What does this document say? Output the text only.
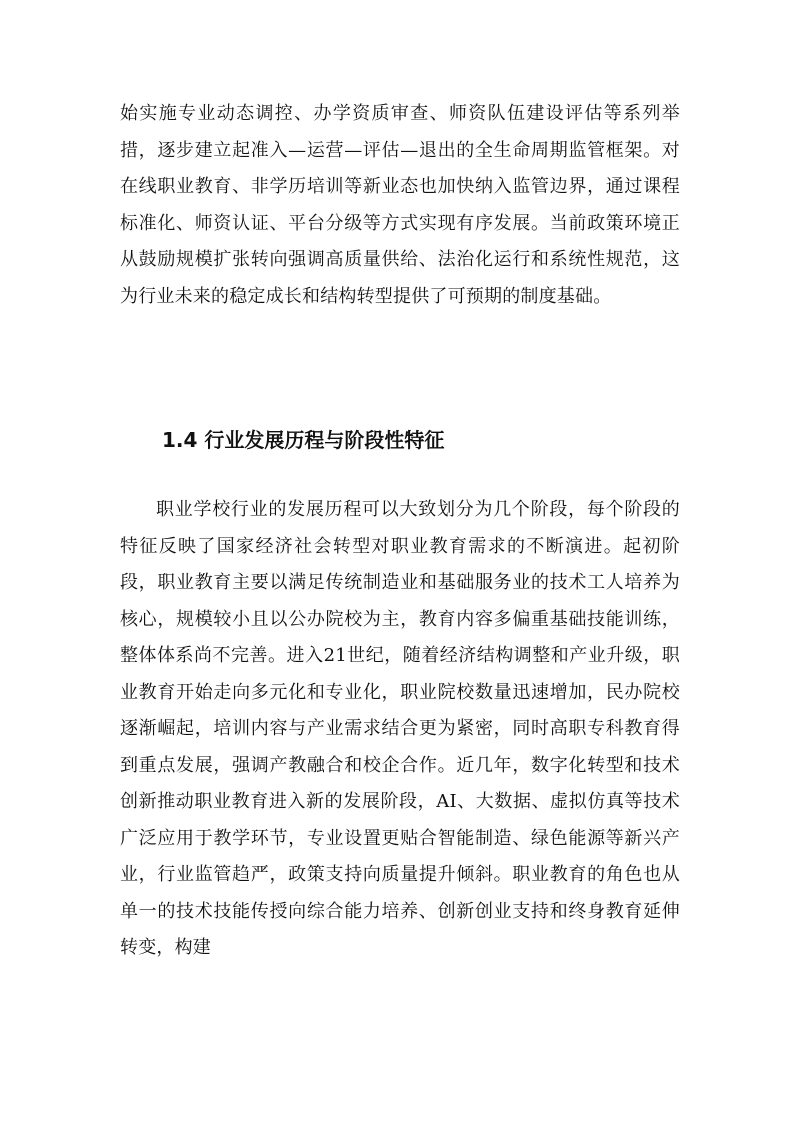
始实施专业动态调控、办学资质审查、师资队伍建设评估等系列举措，逐步建立起准入—运营—评估—退出的全生命周期监管框架。对在线职业教育、非学历培训等新业态也加快纳入监管边界，通过课程标准化、师资认证、平台分级等方式实现有序发展。当前政策环境正从鼓励规模扩张转向强调高质量供给、法治化运行和系统性规范，这为行业未来的稳定成长和结构转型提供了可预期的制度基础。

1.4 行业发展历程与阶段性特征

职业学校行业的发展历程可以大致划分为几个阶段，每个阶段的特征反映了国家经济社会转型对职业教育需求的不断演进。起初阶段，职业教育主要以满足传统制造业和基础服务业的技术工人培养为核心，规模较小且以公办院校为主，教育内容多偏重基础技能训练，整体体系尚不完善。进入21世纪，随着经济结构调整和产业升级，职业教育开始走向多元化和专业化，职业院校数量迅速增加，民办院校逐渐崛起，培训内容与产业需求结合更为紧密，同时高职专科教育得到重点发展，强调产教融合和校企合作。近几年，数字化转型和技术创新推动职业教育进入新的发展阶段，AI、大数据、虚拟仿真等技术广泛应用于教学环节，专业设置更贴合智能制造、绿色能源等新兴产业，行业监管趋严，政策支持向质量提升倾斜。职业教育的角色也从单一的技术技能传授向综合能力培养、创新创业支持和终身教育延伸转变，构建
